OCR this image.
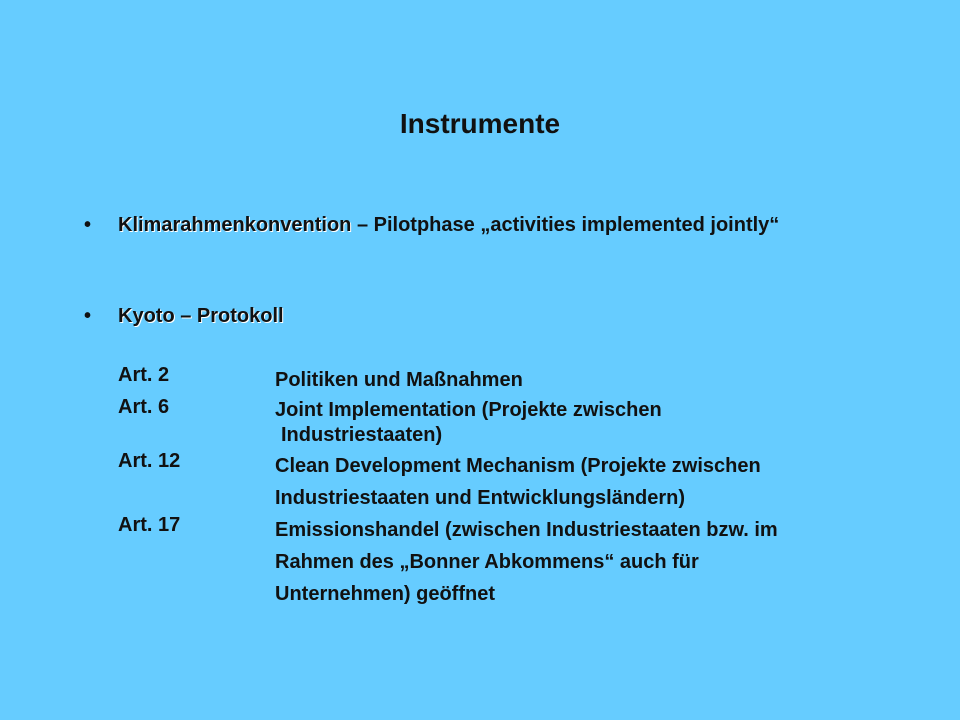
Instrumente
• Klimarahmenkonvention – Pilotphase „activities implemented jointly“
• Kyoto – Protokoll
Art. 2	Politiken und Maßnahmen
Art. 6	Joint Implementation (Projekte zwischen
Industriestaaten)
Art. 12	Clean Development Mechanism (Projekte zwischen
Industriestaaten und Entwicklungsländern)
Art. 17	Emissionshandel (zwischen Industriestaaten bzw. im
Rahmen des „Bonner Abkommens“ auch für
Unternehmen) geöffnet
